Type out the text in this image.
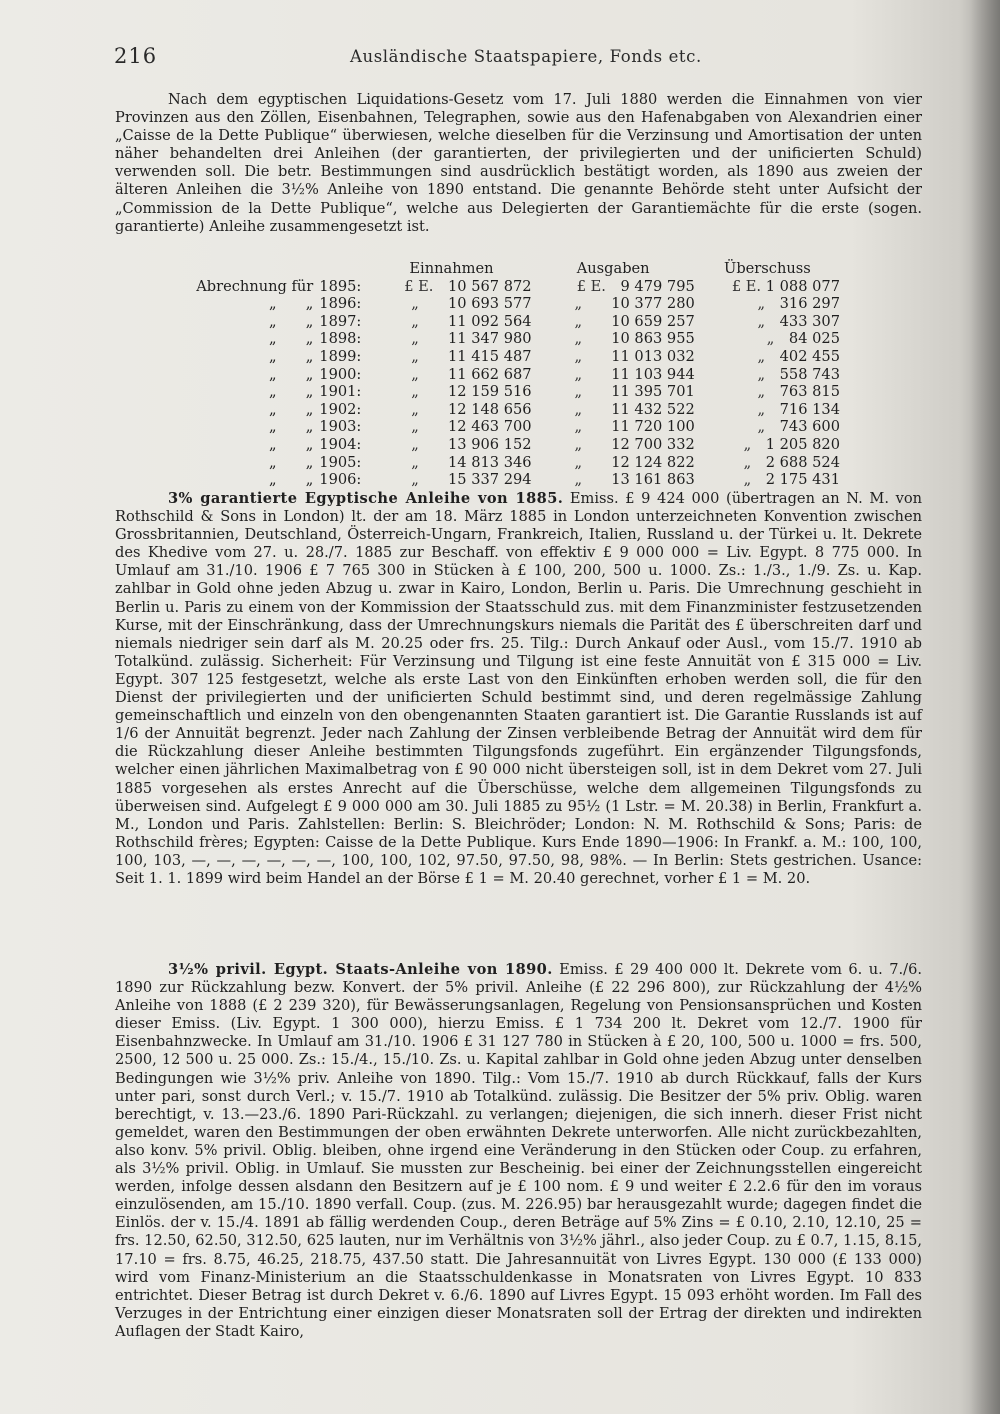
216	Ausländische Staatspapiere, Fonds etc.

Nach dem egyptischen Liquidations-Gesetz vom 17. Juli 1880 werden die Einnahmen von vier Provinzen aus den Zöllen, Eisenbahnen, Telegraphen, sowie aus den Hafenabgaben von Alexandrien einer „Caisse de la Dette Publique“ überwiesen, welche dieselben für die Verzinsung und Amortisation der unten näher behandelten drei Anleihen (der garantierten, der privilegierten und der unificierten Schuld) verwenden soll. Die betr. Bestimmungen sind ausdrücklich bestätigt worden, als 1890 aus zweien der älteren Anleihen die 3½% Anleihe von 1890 entstand. Die genannte Behörde steht unter Aufsicht der „Commission de la Dette Publique“, welche aus Delegierten der Garantiemächte für die erste (sogen. garantierte) Anleihe zusammengesetzt ist.

		Einnahmen	Ausgaben	Überschuss
Abrechnung für	1895:	£ E. 10 567 872	£ E. 9 479 795	£ E. 1 088 077
„  „	1896:	„  10 693 577	„  10 377 280	„ 316 297
„  „	1897:	„  11 092 564	„  10 659 257	„ 433 307
„  „	1898:	„  11 347 980	„  10 863 955	„ 84 025
„  „	1899:	„  11 415 487	„  11 013 032	„ 402 455
„  „	1900:	„  11 662 687	„  11 103 944	„ 558 743
„  „	1901:	„  12 159 516	„  11 395 701	„ 763 815
„  „	1902:	„  12 148 656	„  11 432 522	„ 716 134
„  „	1903:	„  12 463 700	„  11 720 100	„ 743 600
„  „	1904:	„  13 906 152	„  12 700 332	„ 1 205 820
„  „	1905:	„  14 813 346	„  12 124 822	„ 2 688 524
„  „	1906:	„  15 337 294	„  13 161 863	„ 2 175 431

3% garantierte Egyptische Anleihe von 1885. Emiss. £ 9 424 000 (übertragen an N. M. von Rothschild & Sons in London) lt. der am 18. März 1885 in London unterzeichneten Konvention zwischen Grossbritannien, Deutschland, Österreich-Ungarn, Frankreich, Italien, Russland u. der Türkei u. lt. Dekrete des Khedive vom 27. u. 28./7. 1885 zur Beschaff. von effektiv £ 9 000 000 = Liv. Egypt. 8 775 000. In Umlauf am 31./10. 1906 £ 7 765 300 in Stücken à £ 100, 200, 500 u. 1000. Zs.: 1./3., 1./9. Zs. u. Kap. zahlbar in Gold ohne jeden Abzug u. zwar in Kairo, London, Berlin u. Paris. Die Umrechnung geschieht in Berlin u. Paris zu einem von der Kommission der Staatsschuld zus. mit dem Finanzminister festzusetzenden Kurse, mit der Einschränkung, dass der Umrechnungskurs niemals die Parität des £ überschreiten darf und niemals niedriger sein darf als M. 20.25 oder frs. 25. Tilg.: Durch Ankauf oder Ausl., vom 15./7. 1910 ab Totalkünd. zulässig. Sicherheit: Für Verzinsung und Tilgung ist eine feste Annuität von £ 315 000 = Liv. Egypt. 307 125 festgesetzt, welche als erste Last von den Einkünften erhoben werden soll, die für den Dienst der privilegierten und der unificierten Schuld bestimmt sind, und deren regelmässige Zahlung gemeinschaftlich und einzeln von den obengenannten Staaten garantiert ist. Die Garantie Russlands ist auf 1/6 der Annuität begrenzt. Jeder nach Zahlung der Zinsen verbleibende Betrag der Annuität wird dem für die Rückzahlung dieser Anleihe bestimmten Tilgungsfonds zugeführt. Ein ergänzender Tilgungsfonds, welcher einen jährlichen Maximalbetrag von £ 90 000 nicht übersteigen soll, ist in dem Dekret vom 27. Juli 1885 vorgesehen als erstes Anrecht auf die Überschüsse, welche dem allgemeinen Tilgungsfonds zu überweisen sind. Aufgelegt £ 9 000 000 am 30. Juli 1885 zu 95½ (1 Lstr. = M. 20.38) in Berlin, Frankfurt a. M., London und Paris. Zahlstellen: Berlin: S. Bleichröder; London: N. M. Rothschild & Sons; Paris: de Rothschild frères; Egypten: Caisse de la Dette Publique. Kurs Ende 1890—1906: In Frankf. a. M.: 100, 100, 100, 103, —, —, —, —, —, —, 100, 100, 102, 97.50, 97.50, 98, 98%. — In Berlin: Stets gestrichen. Usance: Seit 1. 1. 1899 wird beim Handel an der Börse £ 1 = M. 20.40 gerechnet, vorher £ 1 = M. 20.

3½% privil. Egypt. Staats-Anleihe von 1890. Emiss. £ 29 400 000 lt. Dekrete vom 6. u. 7./6. 1890 zur Rückzahlung bezw. Konvert. der 5% privil. Anleihe (£ 22 296 800), zur Rückzahlung der 4½% Anleihe von 1888 (£ 2 239 320), für Bewässerungsanlagen, Regelung von Pensionsansprüchen und Kosten dieser Emiss. (Liv. Egypt. 1 300 000), hierzu Emiss. £ 1 734 200 lt. Dekret vom 12./7. 1900 für Eisenbahnzwecke. In Umlauf am 31./10. 1906 £ 31 127 780 in Stücken à £ 20, 100, 500 u. 1000 = frs. 500, 2500, 12 500 u. 25 000. Zs.: 15./4., 15./10. Zs. u. Kapital zahlbar in Gold ohne jeden Abzug unter denselben Bedingungen wie 3½% priv. Anleihe von 1890. Tilg.: Vom 15./7. 1910 ab durch Rückkauf, falls der Kurs unter pari, sonst durch Verl.; v. 15./7. 1910 ab Totalkünd. zulässig. Die Besitzer der 5% priv. Oblig. waren berechtigt, v. 13.—23./6. 1890 Pari-Rückzahl. zu verlangen; diejenigen, die sich innerh. dieser Frist nicht gemeldet, waren den Bestimmungen der oben erwähnten Dekrete unterworfen. Alle nicht zurückbezahlten, also konv. 5% privil. Oblig. bleiben, ohne irgend eine Veränderung in den Stücken oder Coup. zu erfahren, als 3½% privil. Oblig. in Umlauf. Sie mussten zur Bescheinig. bei einer der Zeichnungsstellen eingereicht werden, infolge dessen alsdann den Besitzern auf je £ 100 nom. £ 9 und weiter £ 2.2.6 für den im voraus einzulösenden, am 15./10. 1890 verfall. Coup. (zus. M. 226.95) bar herausgezahlt wurde; dagegen findet die Einlös. der v. 15./4. 1891 ab fällig werdenden Coup., deren Beträge auf 5% Zins = £ 0.10, 2.10, 12.10, 25 = frs. 12.50, 62.50, 312.50, 625 lauten, nur im Verhältnis von 3½% jährl., also jeder Coup. zu £ 0.7, 1.15, 8.15, 17.10 = frs. 8.75, 46.25, 218.75, 437.50 statt. Die Jahresannuität von Livres Egypt. 130 000 (£ 133 000) wird vom Finanz-Ministerium an die Staatsschuldenkasse in Monatsraten von Livres Egypt. 10 833 entrichtet. Dieser Betrag ist durch Dekret v. 6./6. 1890 auf Livres Egypt. 15 093 erhöht worden. Im Fall des Verzuges in der Entrichtung einer einzigen dieser Monatsraten soll der Ertrag der direkten und indirekten Auflagen der Stadt Kairo,
